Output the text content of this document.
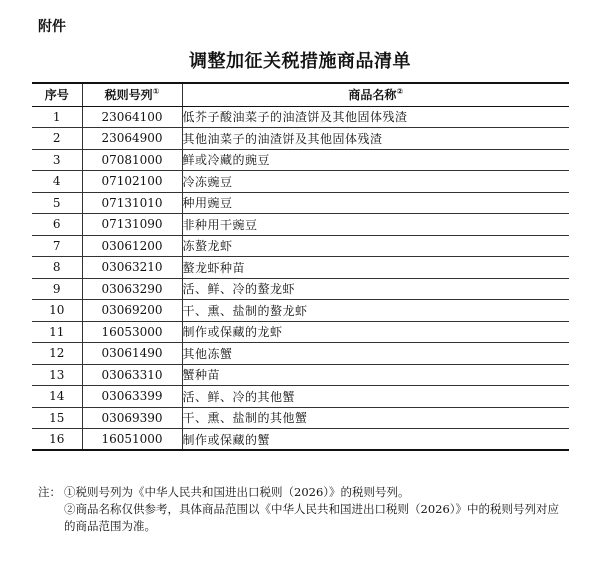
附件
调整加征关税措施商品清单
序号	税则号列①	商品名称②
1	23064100	低芥子酸油菜子的油渣饼及其他固体残渣
2	23064900	其他油菜子的油渣饼及其他固体残渣
3	07081000	鲜或冷藏的豌豆
4	07102100	冷冻豌豆
5	07131010	种用豌豆
6	07131090	非种用干豌豆
7	03061200	冻螯龙虾
8	03063210	螯龙虾种苗
9	03063290	活、鲜、冷的螯龙虾
10	03069200	干、熏、盐制的螯龙虾
11	16053000	制作或保藏的龙虾
12	03061490	其他冻蟹
13	03063310	蟹种苗
14	03063399	活、鲜、冷的其他蟹
15	03069390	干、熏、盐制的其他蟹
16	16051000	制作或保藏的蟹
注： ①税则号列为《中华人民共和国进出口税则（2026）》的税则号列。
②商品名称仅供参考，具体商品范围以《中华人民共和国进出口税则（2026）》中的税则号列对应的商品范围为准。
